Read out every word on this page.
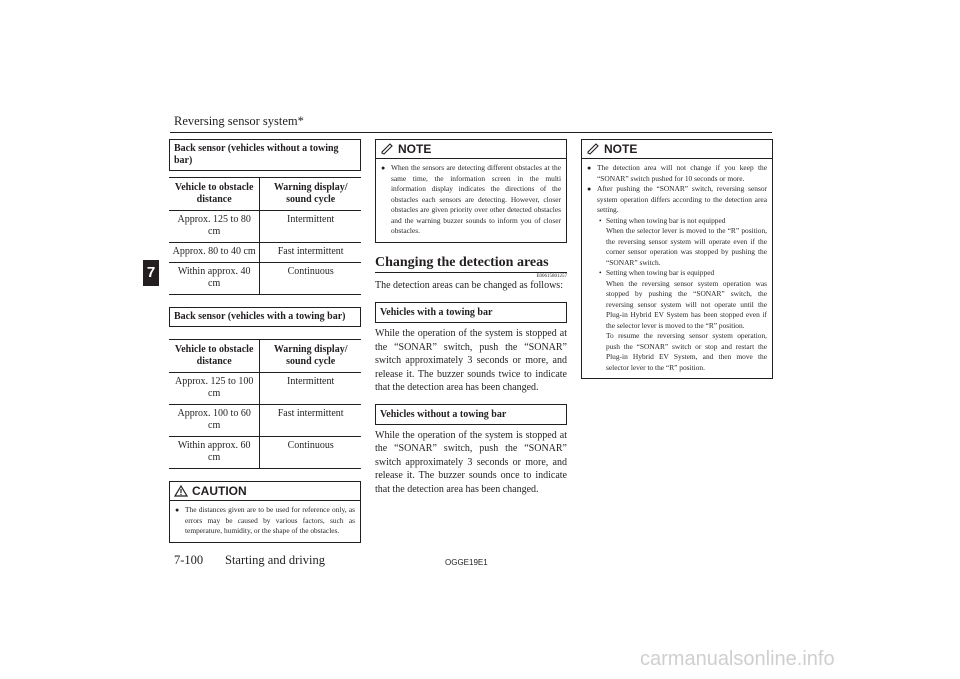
Reversing sensor system*
7
Back sensor (vehicles without a towing bar)
Vehicle to obstacle distance	Warning display/ sound cycle
Approx. 125 to 80 cm	Intermittent
Approx. 80 to 40 cm	Fast intermittent
Within approx. 40 cm	Continuous
Back sensor (vehicles with a towing bar)
Vehicle to obstacle distance	Warning display/ sound cycle
Approx. 125 to 100 cm	Intermittent
Approx. 100 to 60 cm	Fast intermittent
Within approx. 60 cm	Continuous
CAUTION
● The distances given are to be used for reference only, as errors may be caused by various factors, such as temperature, humidity, or the shape of the obstacles.
NOTE
● When the sensors are detecting different obstacles at the same time, the information screen in the multi information display indicates the directions of the obstacles each sensors are detecting. However, closer obstacles are given priority over other detected obstacles and the warning buzzer sounds to inform you of closer obstacles.
Changing the detection areas
E00615801257
The detection areas can be changed as follows:
Vehicles with a towing bar
While the operation of the system is stopped at the “SONAR” switch, push the “SONAR” switch approximately 3 seconds or more, and release it. The buzzer sounds twice to indicate that the detection area has been changed.
Vehicles without a towing bar
While the operation of the system is stopped at the “SONAR” switch, push the “SONAR” switch approximately 3 seconds or more, and release it. The buzzer sounds once to indicate that the detection area has been changed.
NOTE
● The detection area will not change if you keep the “SONAR” switch pushed for 10 seconds or more.
● After pushing the “SONAR” switch, reversing sensor system operation differs according to the detection area setting.
• Setting when towing bar is not equipped
When the selector lever is moved to the “R” position, the reversing sensor system will operate even if the corner sensor operation was stopped by pushing the “SONAR” switch.
• Setting when towing bar is equipped
When the reversing sensor system operation was stopped by pushing the “SONAR” switch, the reversing sensor system will not operate until the Plug-in Hybrid EV System has been stopped even if the selector lever is moved to the “R” position.
To resume the reversing sensor system operation, push the “SONAR” switch or stop and restart the Plug-in Hybrid EV System, and then move the selector lever to the “R” position.
7-100 Starting and driving	OGGE19E1
carmanualsonline.info
